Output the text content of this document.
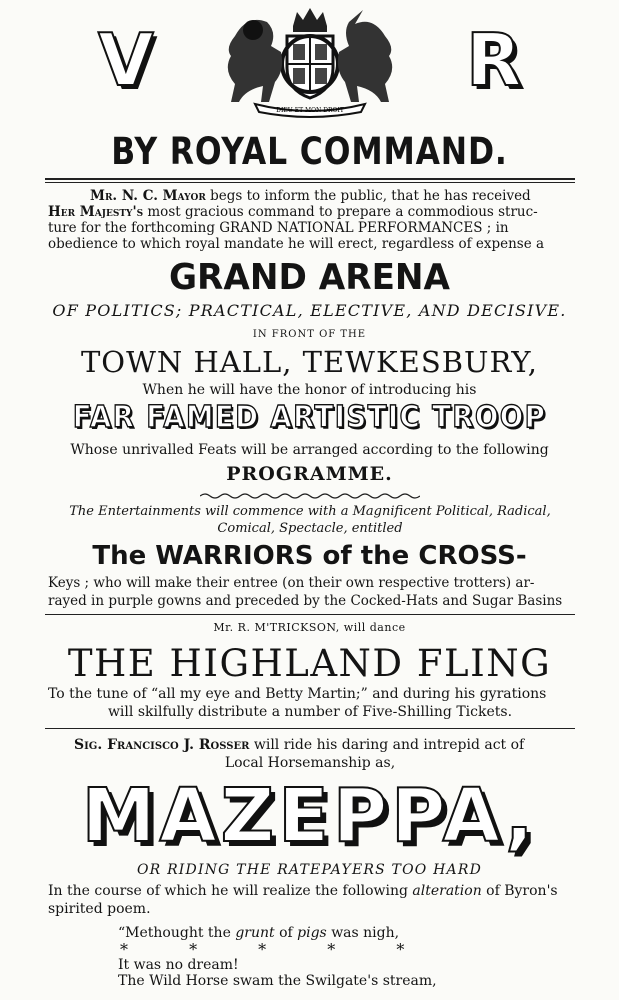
V
DIEU ET MON DROIT
R
BY ROYAL COMMAND.
Mr. N. C. Mayor begs to inform the public, that he has received
Her Majesty's most gracious command to prepare a commodious struc-
ture for the forthcoming GRAND NATIONAL PERFORMANCES ; in
obedience to which royal mandate he will erect, regardless of expense a
GRAND ARENA
OF POLITICS; PRACTICAL, ELECTIVE, AND DECISIVE.
IN FRONT OF THE
TOWN HALL, TEWKESBURY,
When he will have the honor of introducing his
FAR FAMED ARTISTIC TROOP
Whose unrivalled Feats will be arranged according to the following
PROGRAMME.
The Entertainments will commence with a Magnificent Political, Radical,
Comical, Spectacle, entitled
The WARRIORS of the CROSS-
Keys ; who will make their entree (on their own respective trotters) ar-
rayed in purple gowns and preceded by the Cocked-Hats and Sugar Basins
Mr. R. M'TRICKSON, will dance
THE HIGHLAND FLING
To the tune of “all my eye and Betty Martin;” and during his gyrations
will skilfully distribute a number of Five-Shilling Tickets.
Sig. Francisco J. Rosser will ride his daring and intrepid act of
Local Horsemanship as,
MAZEPPA,
OR RIDING THE RATEPAYERS TOO HARD
In the course of which he will realize the following alteration of Byron's
spirited poem.
“Methought the grunt of pigs was nigh,
* * * * *
It was no dream!
The Wild Horse swam the Swilgate's stream,
